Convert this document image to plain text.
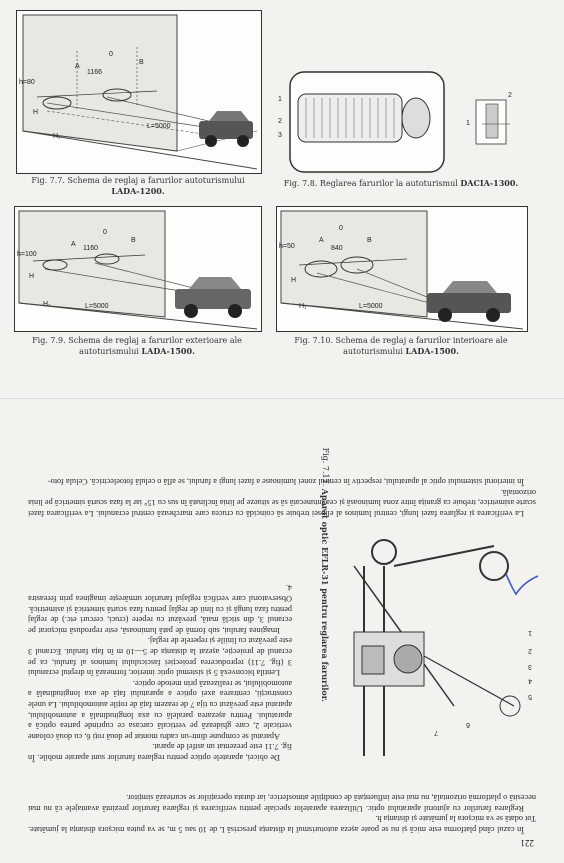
h=80
A
0
B
1166
H
H₁
L=5000
Fig. 7.7. Schema de reglaj a farurilor autoturismului LADA-1200.
1
2
3
1
2
Fig. 7.8. Reglarea farurilor la autoturismul DACIA-1300.
h=100
A
0
B
1160
H
H₁	L=5000
Fig. 7.9. Schema de reglaj a farurilor exterioare ale autoturismului LADA-1500.
h=50
A
0
B
840
H
H₁	L=5000
Fig. 7.10. Schema de reglaj a farurilor interioare ale autoturismului LADA-1500.
221

În cazul când platforma este mică și nu se poate așeza autoturismul la distanța prescrisă L de 10 sau 5 m, se va putea micșora distanța la jumătate. Tot odată se va micșora la jumătate și distanța h.

Reglarea farurilor cu ajutorul aparatului optic. Utilizarea aparatelor speciale pentru verificarea și reglarea farurilor prezintă avantajele că nu mai necesită o platformă orizontală, nu mai este influențată de condițiile atmosferice, iar durata operațiilor se scurtează simțitor.

1
2
3
4
5
6
7
Fig. 7.11. Aparat optic EFLR-31 pentru reglarea farurilor.

De obicei, aparatele optice pentru reglarea farurilor sunt aparate mobile. În fig. 7.11 este prezentat un astfel de aparat.

Aparatul se compune dintr-un cadru montat pe două roți 6, cu două coloane verticale 2, care ghidează pe verticală carcasa ce cuprinde partea optică a aparatului. Pentru așezarea paralelă cu axa longitudinală a automobilului, aparatul este prevăzut cu tija 7 de reazem față de roțile automobilului. La unele construcții, centrarea axei optice a aparatului față de axa longitudinală a automobilului, se realizează prin metode optice.

Lentila biconvexă 5 și sistemul optic interior, formează în dreptul ecranului 3 (fig. 7.11) reproducerea proiecției fasciculului luminos al farului, ca pe ecranul de proiecție, așezat la distanța de 5—10 m în fața farului. Ecranul 3 este prevăzut cu liniile și reperele de reglaj.

Imaginea farului, sub formă de pată luminoasă, este reprodusă micșorat pe ecranul 3, din sticlă mată, prevăzut cu repere (cruci, cercuri etc.) de reglaj pentru faza lungă și cu linii de reglaj pentru faza scurtă simetrică și asimetrică. Observatorul care verifică reglajul farurilor urmărește imaginea prin fereastra 4.

La verificarea și reglarea fazei lungi, centrul luminos al elipsei trebuie să coincidă cu crucea care marchează centrul ecranului. La verificarea fazei scurte asimetrice, trebuie ca granița între zona luminoasă și cea întunecată să se situeze pe linia înclinată în sus cu 15° iar la faza scurtă simetrică pe linia orizontală.

În interiorul sistemului optic al aparatului, respectiv în centrul zonei luminoase a fazei lungi a farului, se află o celulă fotoelectrică. Celula foto-
